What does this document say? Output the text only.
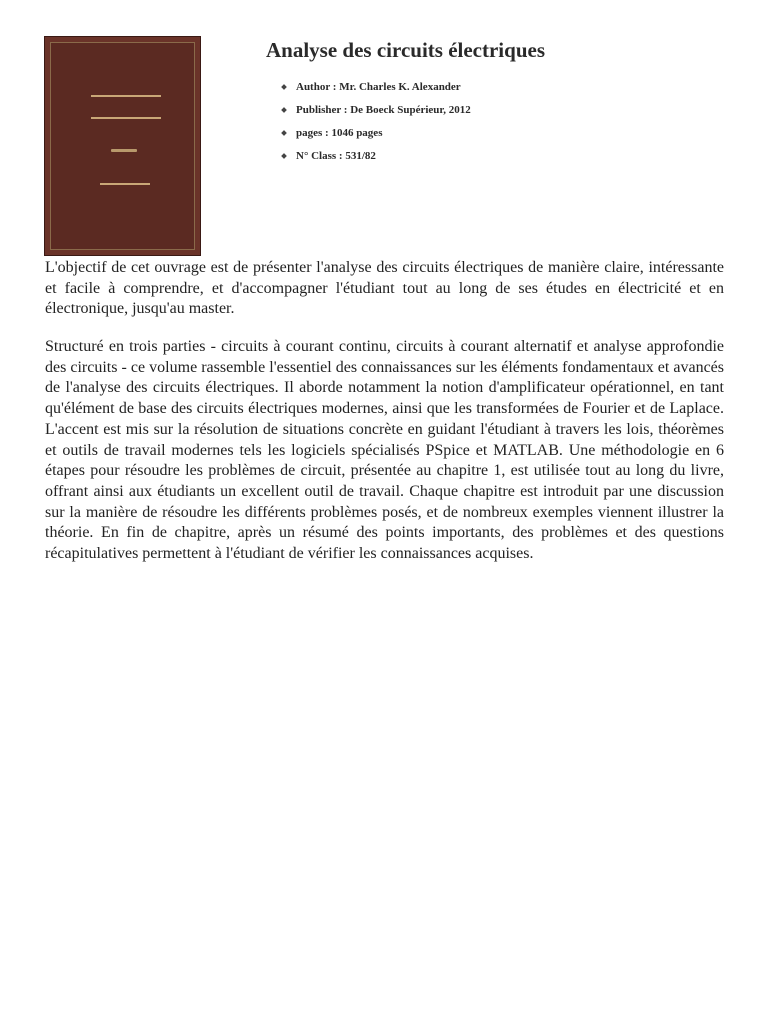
Analyse des circuits électriques
Author : Mr. Charles K. Alexander
Publisher : De Boeck Supérieur, 2012
pages : 1046 pages
N° Class : 531/82

L'objectif de cet ouvrage est de présenter l'analyse des circuits électriques de manière claire, intéressante et facile à comprendre, et d'accompagner l'étudiant tout au long de ses études en électricité et en électronique, jusqu'au master.

Structuré en trois parties - circuits à courant continu, circuits à courant alternatif et analyse approfondie des circuits - ce volume rassemble l'essentiel des connaissances sur les éléments fondamentaux et avancés de l'analyse des circuits électriques. Il aborde notamment la notion d'amplificateur opérationnel, en tant qu'élément de base des circuits électriques modernes, ainsi que les transformées de Fourier et de Laplace. L'accent est mis sur la résolution de situations concrète en guidant l'étudiant à travers les lois, théorèmes et outils de travail modernes tels les logiciels spécialisés PSpice et MATLAB. Une méthodologie en 6 étapes pour résoudre les problèmes de circuit, présentée au chapitre 1, est utilisée tout au long du livre, offrant ainsi aux étudiants un excellent outil de travail. Chaque chapitre est introduit par une discussion sur la manière de résoudre les différents problèmes posés, et de nombreux exemples viennent illustrer la théorie. En fin de chapitre, après un résumé des points importants, des problèmes et des questions récapitulatives permettent à l'étudiant de vérifier les connaissances acquises.
